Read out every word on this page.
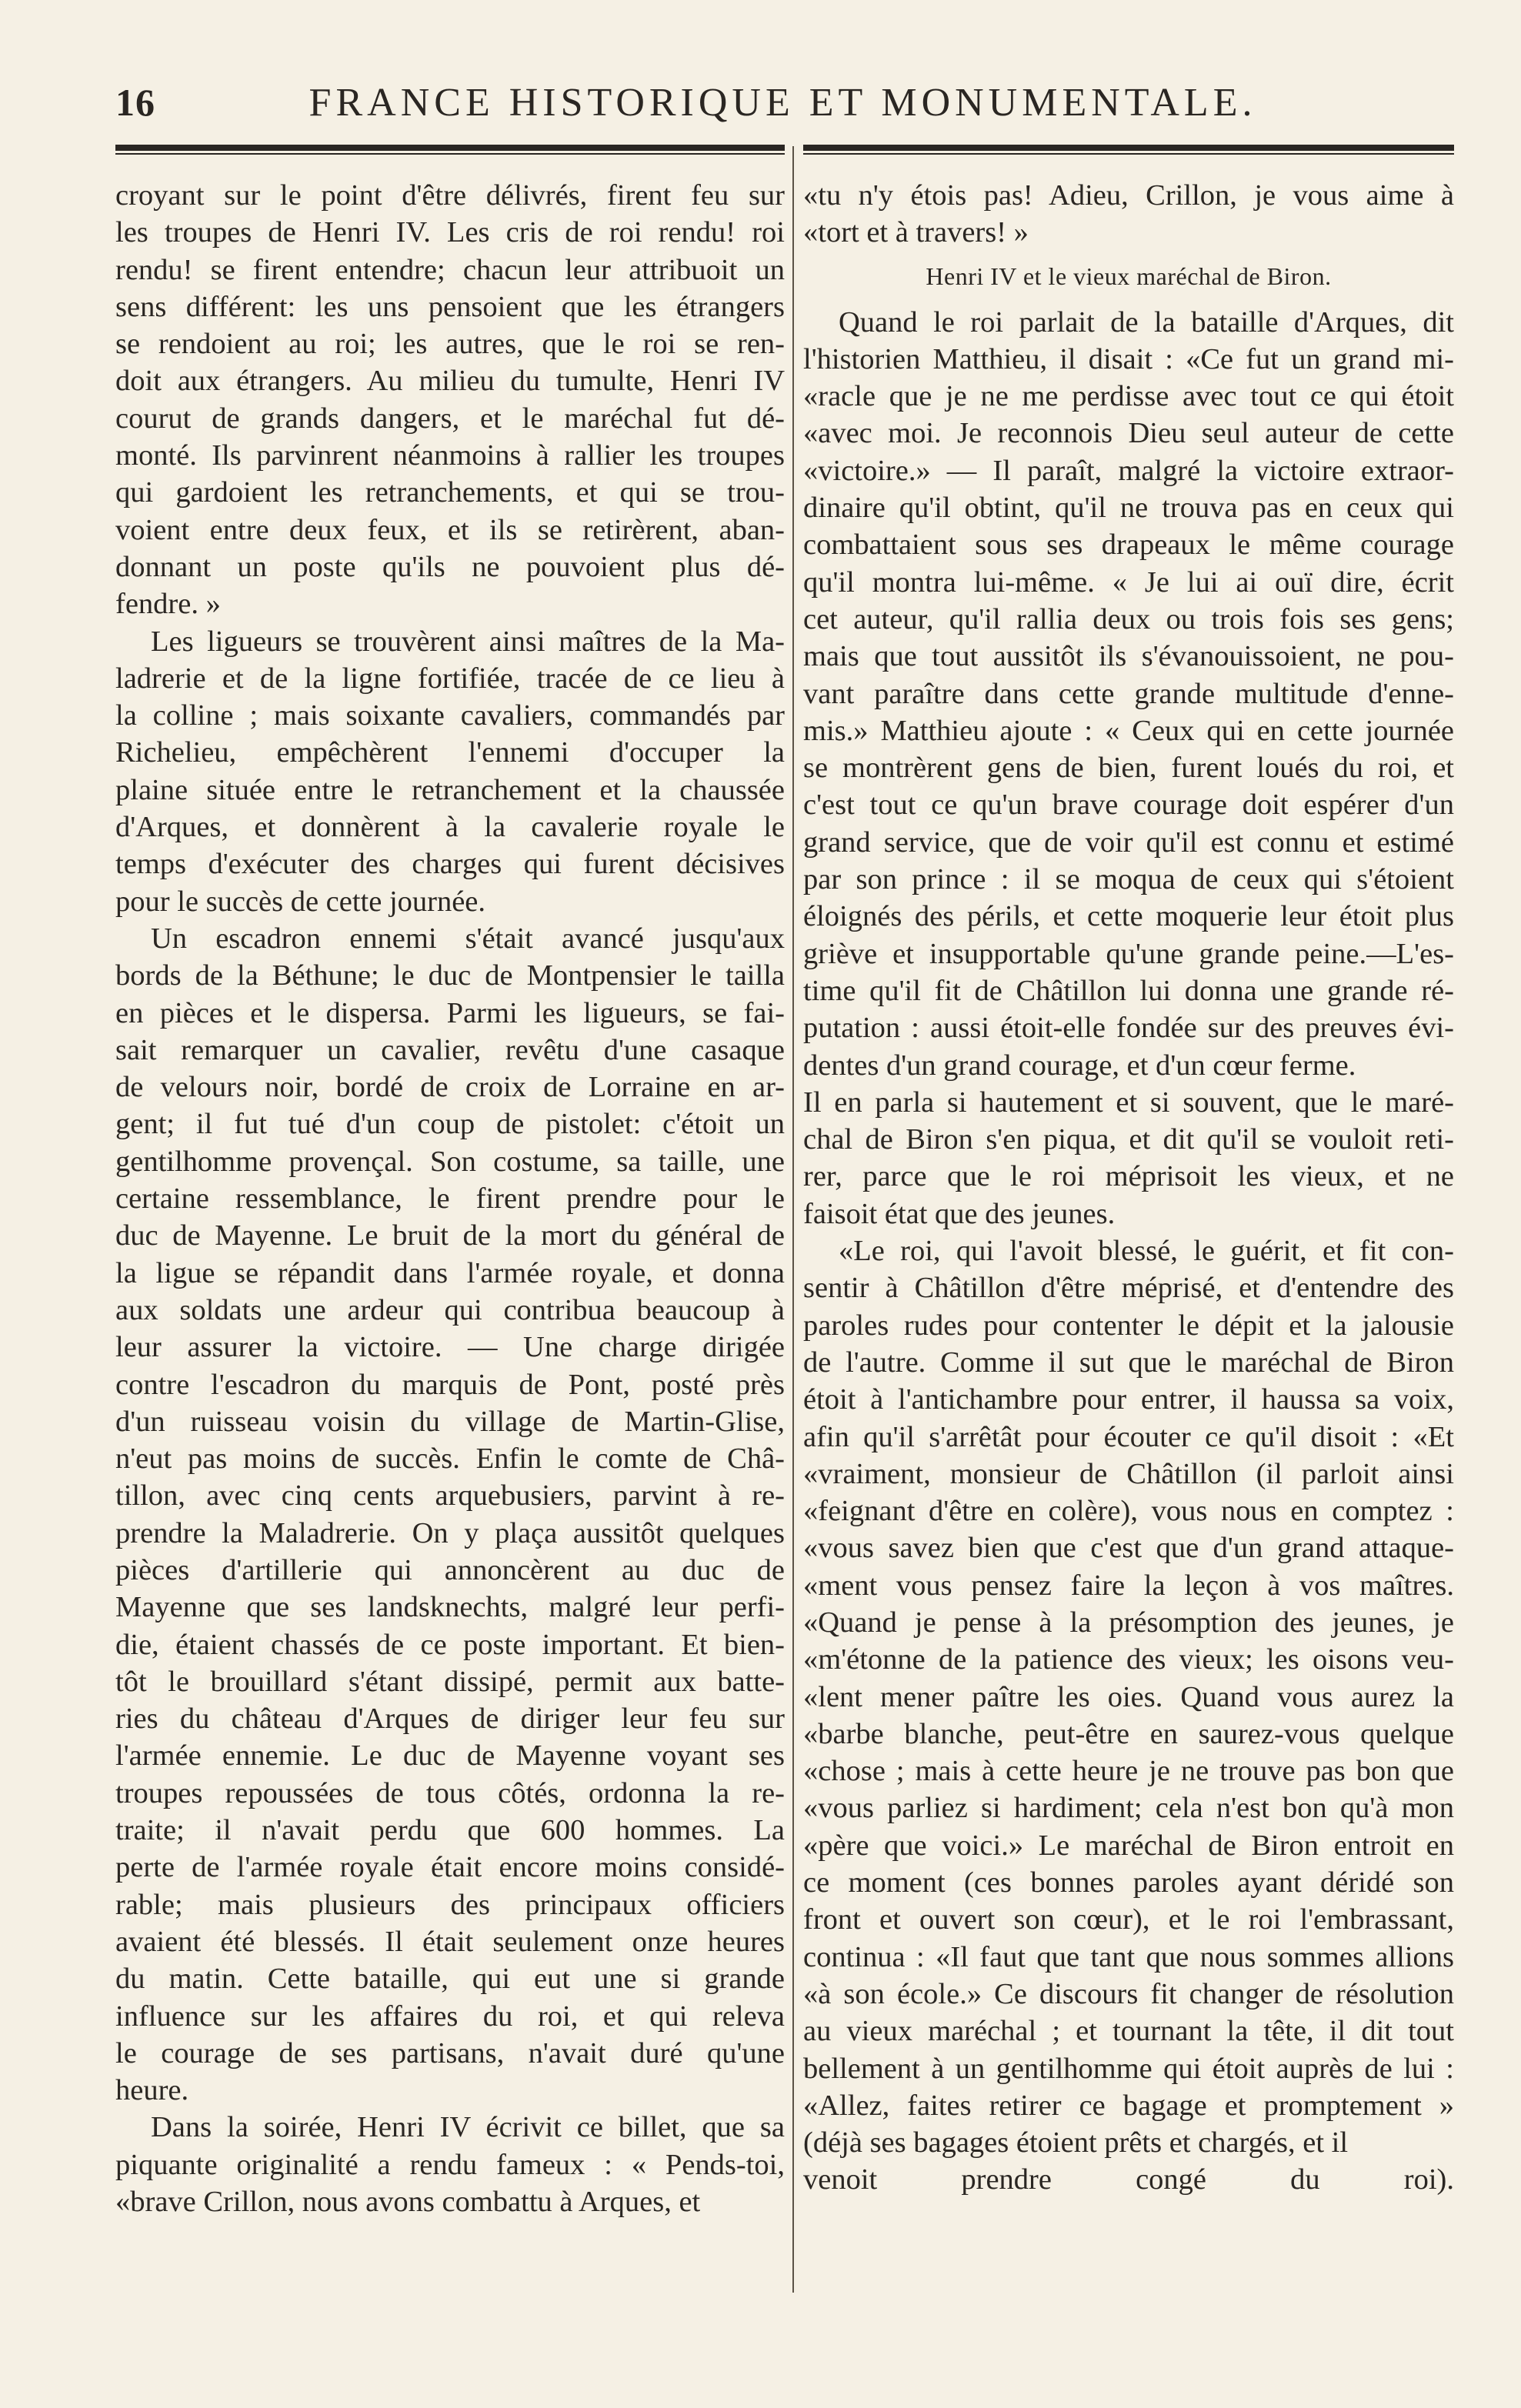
16	FRANCE HISTORIQUE ET MONUMENTALE.
croyant sur le point d'être délivrés, firent feu sur
les troupes de Henri IV. Les cris de roi rendu! roi
rendu! se firent entendre; chacun leur attribuoit un
sens différent: les uns pensoient que les étrangers
se rendoient au roi; les autres, que le roi se ren-
doit aux étrangers. Au milieu du tumulte, Henri IV
courut de grands dangers, et le maréchal fut dé-
monté. Ils parvinrent néanmoins à rallier les troupes
qui gardoient les retranchements, et qui se trou-
voient entre deux feux, et ils se retirèrent, aban-
donnant un poste qu'ils ne pouvoient plus dé-
fendre. »
Les ligueurs se trouvèrent ainsi maîtres de la Ma-
ladrerie et de la ligne fortifiée, tracée de ce lieu à
la colline ; mais soixante cavaliers, commandés par
Richelieu, empêchèrent l'ennemi d'occuper la
plaine située entre le retranchement et la chaussée
d'Arques, et donnèrent à la cavalerie royale le
temps d'exécuter des charges qui furent décisives
pour le succès de cette journée.
Un escadron ennemi s'était avancé jusqu'aux
bords de la Béthune; le duc de Montpensier le tailla
en pièces et le dispersa. Parmi les ligueurs, se fai-
sait remarquer un cavalier, revêtu d'une casaque
de velours noir, bordé de croix de Lorraine en ar-
gent; il fut tué d'un coup de pistolet: c'étoit un
gentilhomme provençal. Son costume, sa taille, une
certaine ressemblance, le firent prendre pour le
duc de Mayenne. Le bruit de la mort du général de
la ligue se répandit dans l'armée royale, et donna
aux soldats une ardeur qui contribua beaucoup à
leur assurer la victoire. — Une charge dirigée
contre l'escadron du marquis de Pont, posté près
d'un ruisseau voisin du village de Martin-Glise,
n'eut pas moins de succès. Enfin le comte de Châ-
tillon, avec cinq cents arquebusiers, parvint à re-
prendre la Maladrerie. On y plaça aussitôt quelques
pièces d'artillerie qui annoncèrent au duc de
Mayenne que ses landsknechts, malgré leur perfi-
die, étaient chassés de ce poste important. Et bien-
tôt le brouillard s'étant dissipé, permit aux batte-
ries du château d'Arques de diriger leur feu sur
l'armée ennemie. Le duc de Mayenne voyant ses
troupes repoussées de tous côtés, ordonna la re-
traite; il n'avait perdu que 600 hommes. La
perte de l'armée royale était encore moins considé-
rable; mais plusieurs des principaux officiers
avaient été blessés. Il était seulement onze heures
du matin. Cette bataille, qui eut une si grande
influence sur les affaires du roi, et qui releva
le courage de ses partisans, n'avait duré qu'une
heure.
Dans la soirée, Henri IV écrivit ce billet, que sa
piquante originalité a rendu fameux : « Pends-toi,
«brave Crillon, nous avons combattu à Arques, et
«tu n'y étois pas! Adieu, Crillon, je vous aime à
«tort et à travers! »
Henri IV et le vieux maréchal de Biron.
Quand le roi parlait de la bataille d'Arques, dit
l'historien Matthieu, il disait : «Ce fut un grand mi-
«racle que je ne me perdisse avec tout ce qui étoit
«avec moi. Je reconnois Dieu seul auteur de cette
«victoire.» — Il paraît, malgré la victoire extraor-
dinaire qu'il obtint, qu'il ne trouva pas en ceux qui
combattaient sous ses drapeaux le même courage
qu'il montra lui-même. « Je lui ai ouï dire, écrit
cet auteur, qu'il rallia deux ou trois fois ses gens;
mais que tout aussitôt ils s'évanouissoient, ne pou-
vant paraître dans cette grande multitude d'enne-
mis.» Matthieu ajoute : « Ceux qui en cette journée
se montrèrent gens de bien, furent loués du roi, et
c'est tout ce qu'un brave courage doit espérer d'un
grand service, que de voir qu'il est connu et estimé
par son prince : il se moqua de ceux qui s'étoient
éloignés des périls, et cette moquerie leur étoit plus
griève et insupportable qu'une grande peine.—L'es-
time qu'il fit de Châtillon lui donna une grande ré-
putation : aussi étoit-elle fondée sur des preuves évi-
dentes d'un grand courage, et d'un cœur ferme.
Il en parla si hautement et si souvent, que le maré-
chal de Biron s'en piqua, et dit qu'il se vouloit reti-
rer, parce que le roi méprisoit les vieux, et ne
faisoit état que des jeunes.
«Le roi, qui l'avoit blessé, le guérit, et fit con-
sentir à Châtillon d'être méprisé, et d'entendre des
paroles rudes pour contenter le dépit et la jalousie
de l'autre. Comme il sut que le maréchal de Biron
étoit à l'antichambre pour entrer, il haussa sa voix,
afin qu'il s'arrêtât pour écouter ce qu'il disoit : «Et
«vraiment, monsieur de Châtillon (il parloit ainsi
«feignant d'être en colère), vous nous en comptez :
«vous savez bien que c'est que d'un grand attaque-
«ment vous pensez faire la leçon à vos maîtres.
«Quand je pense à la présomption des jeunes, je
«m'étonne de la patience des vieux; les oisons veu-
«lent mener paître les oies. Quand vous aurez la
«barbe blanche, peut-être en saurez-vous quelque
«chose ; mais à cette heure je ne trouve pas bon que
«vous parliez si hardiment; cela n'est bon qu'à mon
«père que voici.» Le maréchal de Biron entroit en
ce moment (ces bonnes paroles ayant déridé son
front et ouvert son cœur), et le roi l'embrassant,
continua : «Il faut que tant que nous sommes allions
«à son école.» Ce discours fit changer de résolution
au vieux maréchal ; et tournant la tête, il dit tout
bellement à un gentilhomme qui étoit auprès de lui :
«Allez, faites retirer ce bagage et promptement »
(déjà ses bagages étoient prêts et chargés, et il
venoit prendre congé du roi).
